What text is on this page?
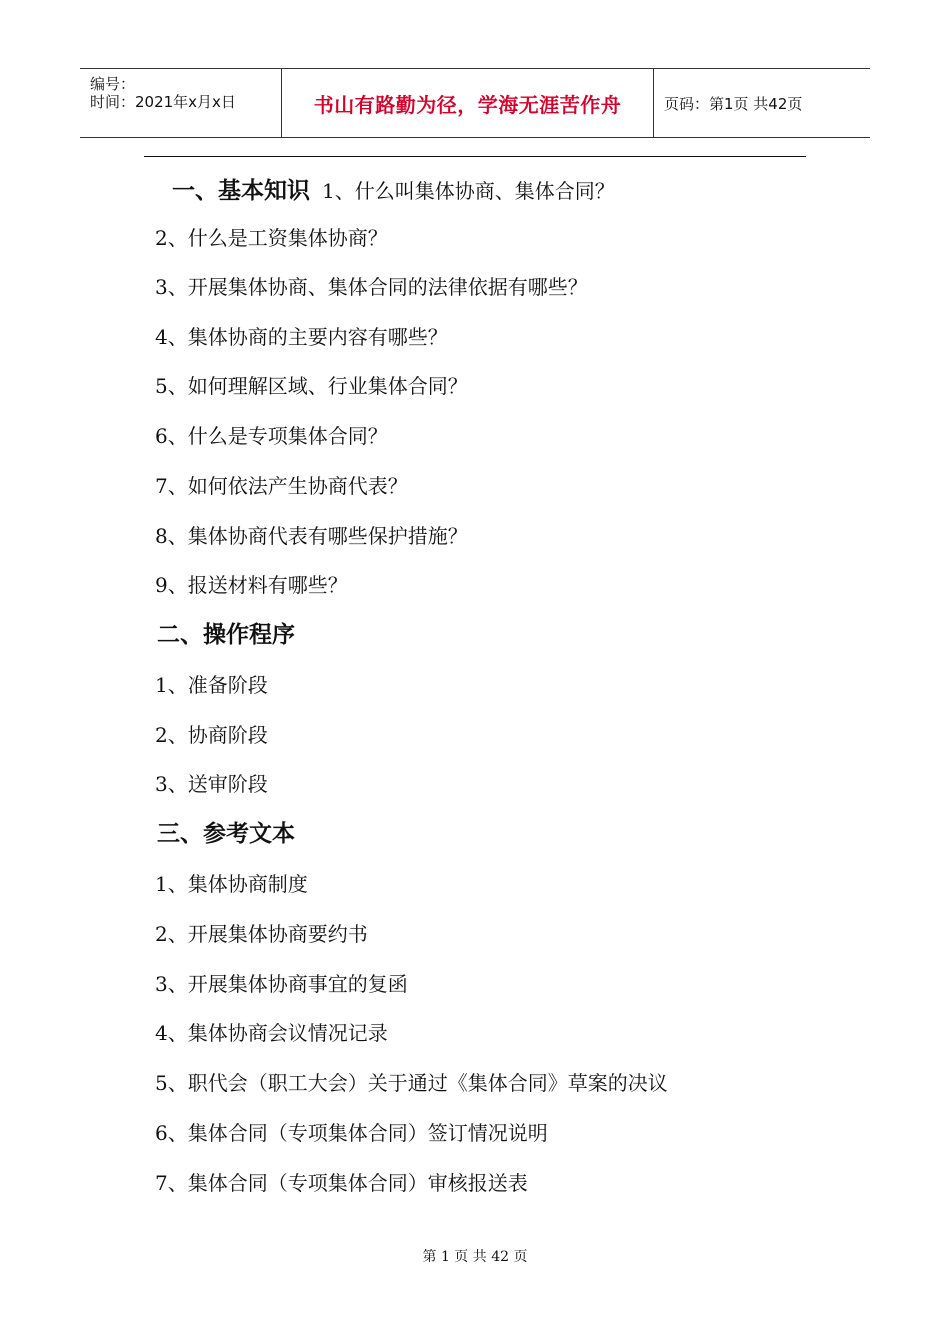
编号：
时间：2021年x月x日	书山有路勤为径，学海无涯苦作舟	页码：第1页 共42页
一、基本知识 1、什么叫集体协商、集体合同？
2、什么是工资集体协商？
3、开展集体协商、集体合同的法律依据有哪些？
4、集体协商的主要内容有哪些？
5、如何理解区域、行业集体合同？
6、什么是专项集体合同？
7、如何依法产生协商代表？
8、集体协商代表有哪些保护措施？
9、报送材料有哪些？
二、操作程序
1、准备阶段
2、协商阶段
3、送审阶段
三、参考文本
1、集体协商制度
2、开展集体协商要约书
3、开展集体协商事宜的复函
4、集体协商会议情况记录
5、职代会（职工大会）关于通过《集体合同》草案的决议
6、集体合同（专项集体合同）签订情况说明
7、集体合同（专项集体合同）审核报送表
第 1 页 共 42 页
